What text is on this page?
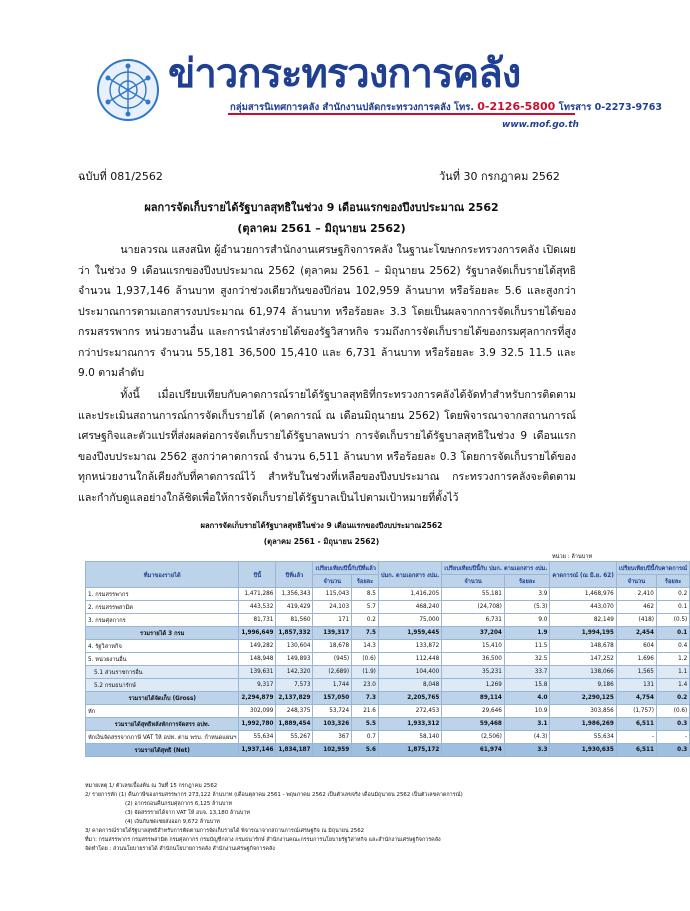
ข่าวกระทรวงการคลัง
กลุ่มสารนิเทศการคลัง สำนักงานปลัดกระทรวงการคลัง โทร. 0-2126-5800 โทรสาร 0-2273-9763
www.mof.go.th
ฉบับที่ 081/2562	วันที่ 30 กรกฎาคม 2562
ผลการจัดเก็บรายได้รัฐบาลสุทธิในช่วง 9 เดือนแรกของปีงบประมาณ 2562
(ตุลาคม 2561 – มิถุนายน 2562)
    นายลวรณ แสงสนิท ผู้อำนวยการสำนักงานเศรษฐกิจการคลัง ในฐานะโฆษกกระทรวงการคลัง เปิดเผยว่า ในช่วง 9 เดือนแรกของปีงบประมาณ 2562 (ตุลาคม 2561 – มิถุนายน 2562) รัฐบาลจัดเก็บรายได้สุทธิ จำนวน 1,937,146 ล้านบาท สูงกว่าช่วงเดียวกันของปีก่อน 102,959 ล้านบาท หรือร้อยละ 5.6 และสูงกว่าประมาณการตามเอกสารงบประมาณ 61,974 ล้านบาท หรือร้อยละ 3.3 โดยเป็นผลจากการจัดเก็บรายได้ของกรมสรรพากร หน่วยงานอื่น และการนำส่งรายได้ของรัฐวิสาหกิจ รวมถึงการจัดเก็บรายได้ของกรมศุลกากรที่สูงกว่าประมาณการ จำนวน 55,181 36,500 15,410 และ 6,731 ล้านบาท หรือร้อยละ 3.9 32.5 11.5 และ 9.0 ตามลำดับ
    ทั้งนี้ เมื่อเปรียบเทียบกับคาดการณ์รายได้รัฐบาลสุทธิที่กระทรวงการคลังได้จัดทำสำหรับการติดตามและประเมินสถานการณ์การจัดเก็บรายได้ (คาดการณ์ ณ เดือนมิถุนายน 2562) โดยพิจารณาจากสถานการณ์เศรษฐกิจและตัวแปรที่ส่งผลต่อการจัดเก็บรายได้รัฐบาลพบว่า การจัดเก็บรายได้รัฐบาลสุทธิในช่วง 9 เดือนแรกของปีงบประมาณ 2562 สูงกว่าคาดการณ์ จำนวน 6,511 ล้านบาท หรือร้อยละ 0.3 โดยการจัดเก็บรายได้ของทุกหน่วยงานใกล้เคียงกับที่คาดการณ์ไว้ สำหรับในช่วงที่เหลือของปีงบประมาณ กระทรวงการคลังจะติดตามและกำกับดูแลอย่างใกล้ชิดเพื่อให้การจัดเก็บรายได้รัฐบาลเป็นไปตามเป้าหมายที่ตั้งไว้
ผลการจัดเก็บรายได้รัฐบาลสุทธิในช่วง 9 เดือนแรกของปีงบประมาณ2562
(ตุลาคม 2561 - มิถุนายน 2562)
หน่วย : ล้านบาท
ที่มาของรายได้	ปีนี้	ปีที่แล้ว	เปรียบเทียบปีนี้กับปีที่แล้ว		ปมก. ตามเอกสาร งปม.	เปรียบเทียบปีนี้กับ ปมก. ตามเอกสาร งปม.		คาดการณ์ (ณ มิ.ย. 62)	เปรียบเทียบปีนี้กับคาดการณ์	
			จำนวน	ร้อยละ		จำนวน	ร้อยละ		จำนวน	ร้อยละ
1. กรมสรรพากร	1,471,286	1,356,343	115,043	8.5	1,416,205	55,181	3.9	1,468,976	2,410	0.2
2. กรมสรรพสามิต	443,532	419,429	24,103	5.7	468,240	(24,708)	(5.3)	443,070	462	0.1
3. กรมศุลกากร	81,731	81,560	171	0.2	75,000	6,731	9.0	82,149	(418)	(0.5)
รวมรายได้ 3 กรม	1,996,649	1,857,332	139,317	7.5	1,959,445	37,204	1.9	1,994,195	2,454	0.1
4. รัฐวิสาหกิจ	149,282	130,604	18,678	14.3	133,872	15,410	11.5	148,678	604	0.4
5. หน่วยงานอื่น	148,948	149,893	(945)	(0.6)	112,448	36,500	32.5	147,252	1,696	1.2
5.1 ส่วนราชการอื่น	139,631	142,320	(2,689)	(1.9)	104,400	35,231	33.7	138,066	1,565	1.1
5.2 กรมธนารักษ์	9,317	7,573	1,744	23.0	8,048	1,269	15.8	9,186	131	1.4
รวมรายได้จัดเก็บ (Gross)	2,294,879	2,137,829	157,050	7.3	2,205,765	89,114	4.0	2,290,125	4,754	0.2
หัก	302,099	248,375	53,724	21.6	272,453	29,646	10.9	303,856	(1,757)	(0.6)
รวมรายได้สุทธิหลังหักการจัดสรร อปท.	1,992,780	1,889,454	103,326	5.5	1,933,312	59,468	3.1	1,986,269	6,511	0.3
หักเงินจัดสรรจากภาษี VAT ให้ อปท. ตาม พรบ. กำหนดแผนฯ	55,634	55,267	367	0.7	58,140	(2,506)	(4.3)	55,634	-	-
รวมรายได้สุทธิ (Net)	1,937,146	1,834,187	102,959	5.6	1,875,172	61,974	3.3	1,930,635	6,511	0.3
หมายเหตุ 1/ ตัวเลขเบื้องต้น ณ วันที่ 15 กรกฎาคม 2562
2/ รายการหัก (1) คืนภาษีของกรมสรรพากร 273,122 ล้านบาท (เดือนตุลาคม 2561 - พฤษภาคม 2562 เป็นตัวเลขจริง เดือนมิถุนายน 2562 เป็นตัวเลขคาดการณ์)
(2) อากรถอนคืนกรมศุลกากร 6,125 ล้านบาท
(3) จัดสรรรายได้จาก VAT ให้ อบจ. 13,180 ล้านบาท
(4) เงินกันชดเชยส่งออก 9,672 ล้านบาท
3/ คาดการณ์รายได้รัฐบาลสุทธิสำหรับการติดตามการจัดเก็บรายได้ พิจารณาจากสถานการณ์เศรษฐกิจ ณ มิถุนายน 2562
ที่มา: กรมสรรพากร กรมสรรพสามิต กรมศุลกากร กรมบัญชีกลาง กรมธนารักษ์ สำนักงานคณะกรรมการนโยบายรัฐวิสาหกิจ และสำนักงานเศรษฐกิจการคลัง
จัดทำโดย : ส่วนนโยบายรายได้ สำนักนโยบายการคลัง สำนักงานเศรษฐกิจการคลัง
